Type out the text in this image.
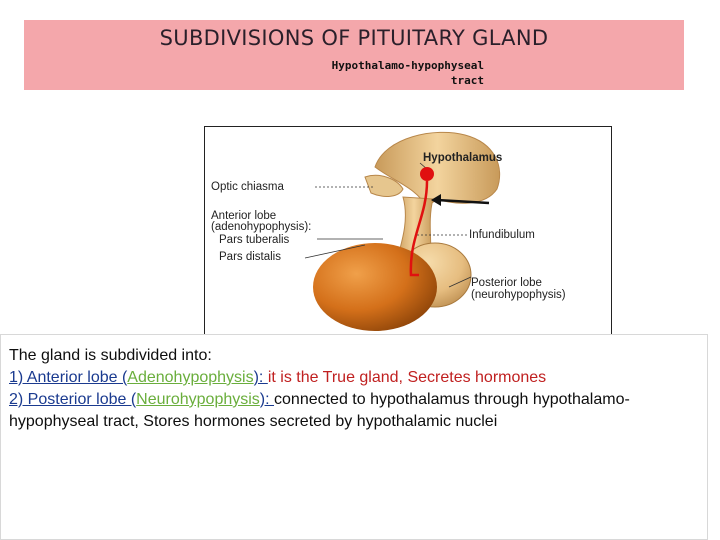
SUBDIVISIONS OF PITUITARY GLAND
Hypothalamus
Optic chiasma
Anterior lobe
(adenohypophysis):
Pars tuberalis
Pars distalis
Infundibulum
Posterior lobe
(neurohypophysis)
Hypothalamo-hypophyseal
tract
The gland is subdivided into:
1) Anterior lobe (Adenohypophysis): it is the True gland, Secretes hormones
2) Posterior lobe (Neurohypophysis): connected to hypothalamus through hypothalamo-hypophyseal tract, Stores hormones secreted by hypothalamic nuclei
